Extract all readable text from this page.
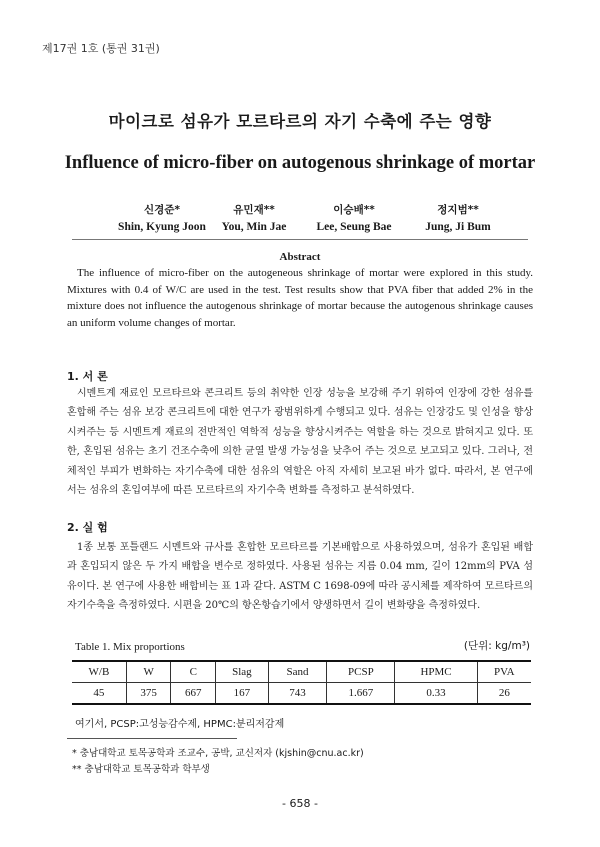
제17권 1호 (통권 31권)
마이크로 섬유가 모르타르의 자기 수축에 주는 영향
Influence of micro-fiber on autogenous shrinkage of mortar
신경준*
Shin, Kyung Joon
유민재**
You, Min Jae
이승배**
Lee, Seung Bae
정지범**
Jung, Ji Bum
Abstract
The influence of micro-fiber on the autogeneous shrinkage of mortar were explored in this study. Mixtures with 0.4 of W/C are used in the test. Test results show that PVA fiber that added 2% in the mixture does not influence the autogenous shrinkage of mortar because the autogenous shrinkage causes an uniform volume changes of mortar.
1. 서 론
시멘트계 재료인 모르타르와 콘크리트 등의 취약한 인장 성능을 보강해 주기 위하여 인장에 강한 섬유를 혼합해 주는 섬유 보강 콘크리트에 대한 연구가 광범위하게 수행되고 있다. 섬유는 인장강도 및 인성을 향상시켜주는 등 시멘트계 재료의 전반적인 역학적 성능을 향상시켜주는 역할을 하는 것으로 밝혀지고 있다. 또한, 혼입된 섬유는 초기 건조수축에 의한 균열 발생 가능성을 낮추어 주는 것으로 보고되고 있다. 그러나, 전체적인 부피가 변화하는 자기수축에 대한 섬유의 역할은 아직 자세히 보고된 바가 없다. 따라서, 본 연구에서는 섬유의 혼입여부에 따른 모르타르의 자기수축 변화를 측정하고 분석하였다.
2. 실 험
1종 보통 포틀랜드 시멘트와 규사를 혼합한 모르타르를 기본배합으로 사용하였으며, 섬유가 혼입된 배합과 혼입되지 않은 두 가지 배합을 변수로 정하였다. 사용된 섬유는 지름 0.04 mm, 길이 12mm의 PVA 섬유이다. 본 연구에 사용한 배합비는 표 1과 같다. ASTM C 1698-09에 따라 공시체를 제작하여 모르타르의 자기수축을 측정하였다. 시편을 20℃의 항온항습기에서 양생하면서 길이 변화량을 측정하였다.
Table 1. Mix proportions	(단위: kg/m³)
W/B	W	C	Slag	Sand	PCSP	HPMC	PVA
45	375	667	167	743	1.667	0.33	26
여기서, PCSP:고성능감수제, HPMC:분리저감제
* 충남대학교 토목공학과 조교수, 공박, 교신저자 (kjshin@cnu.ac.kr)
** 충남대학교 토목공학과 학부생
- 658 -
